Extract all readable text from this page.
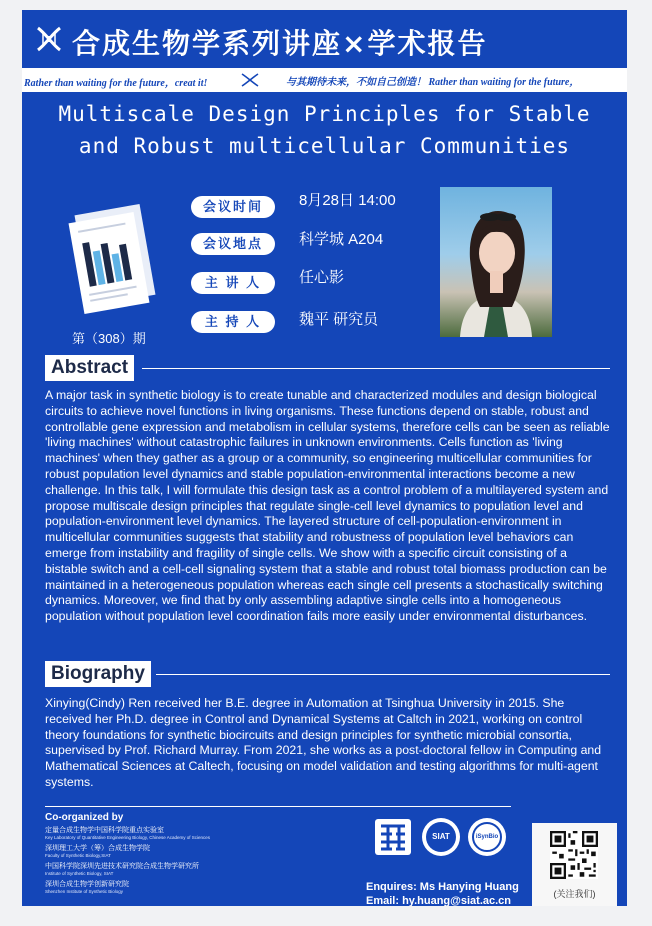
合成生物学系列讲座×学术报告
Rather than waiting for the future，creat it!	与其期待未来，不如自己创造！ Rather than waiting for the future，
Multiscale Design Principles for Stable
and Robust multicellular Communities
第（308）期
会议时间	8月28日 14:00
会议地点	科学城 A204
主 讲 人	任心影
主 持 人	魏平 研究员
Abstract
A major task in synthetic biology is to create tunable and characterized modules and design biological circuits to achieve novel functions in living organisms. These functions depend on stable, robust and controllable gene expression and metabolism in cellular systems, therefore cells can be seen as reliable 'living machines' without catastrophic failures in unknown environments. Cells function as 'living machines' when they gather as a group or a community, so engineering multicellular communities for robust population level dynamics and stable population-environmental interactions become a new challenge. In this talk, I will formulate this design task as a control problem of a multilayered system and propose multiscale design principles that regulate single-cell level dynamics to population level and population-environment level dynamics. The layered structure of cell-population-environment in multicellular communities suggests that stability and robustness of population level behaviors can emerge from instability and fragility of single cells. We show with a specific circuit consisting of a bistable switch and a cell-cell signaling system that a stable and robust total biomass production can be maintained in a heterogeneous population whereas each single cell presents a stochastically switching dynamics. Moreover, we find that by only assembling adaptive single cells into a homogeneous population without population level coordination fails more easily under environmental disturbances.
Biography
Xinying(Cindy) Ren received her B.E. degree in Automation at Tsinghua University in 2015. She received her Ph.D. degree in Control and Dynamical Systems at Caltch in 2021, working on control theory foundations for synthetic biocircuits and design principles for synthetic microbial consortia, supervised by Prof. Richard Murray. From 2021, she works as a post-doctoral fellow in Computing and Mathematical Sciences at Caltech, focusing on model validation and testing algorithms for multi-agent systems.
Co-organized by
定量合成生物学中国科学院重点实验室
Key Laboratory of Quantitative Engineering Biology, Chinese Academy of Sciences
深圳理工大学（筹）合成生物学院
Faculty of Synthetic Biology,SIAT
中国科学院深圳先进技术研究院合成生物学研究所
Institute of Synthetic Biology, SIAT
深圳合成生物学创新研究院
Shenzhen Institute of Synthetic Biology
SIAT	iSynBio
Enquires: Ms Hanying Huang
Email: hy.huang@siat.ac.cn
(关注我们)
